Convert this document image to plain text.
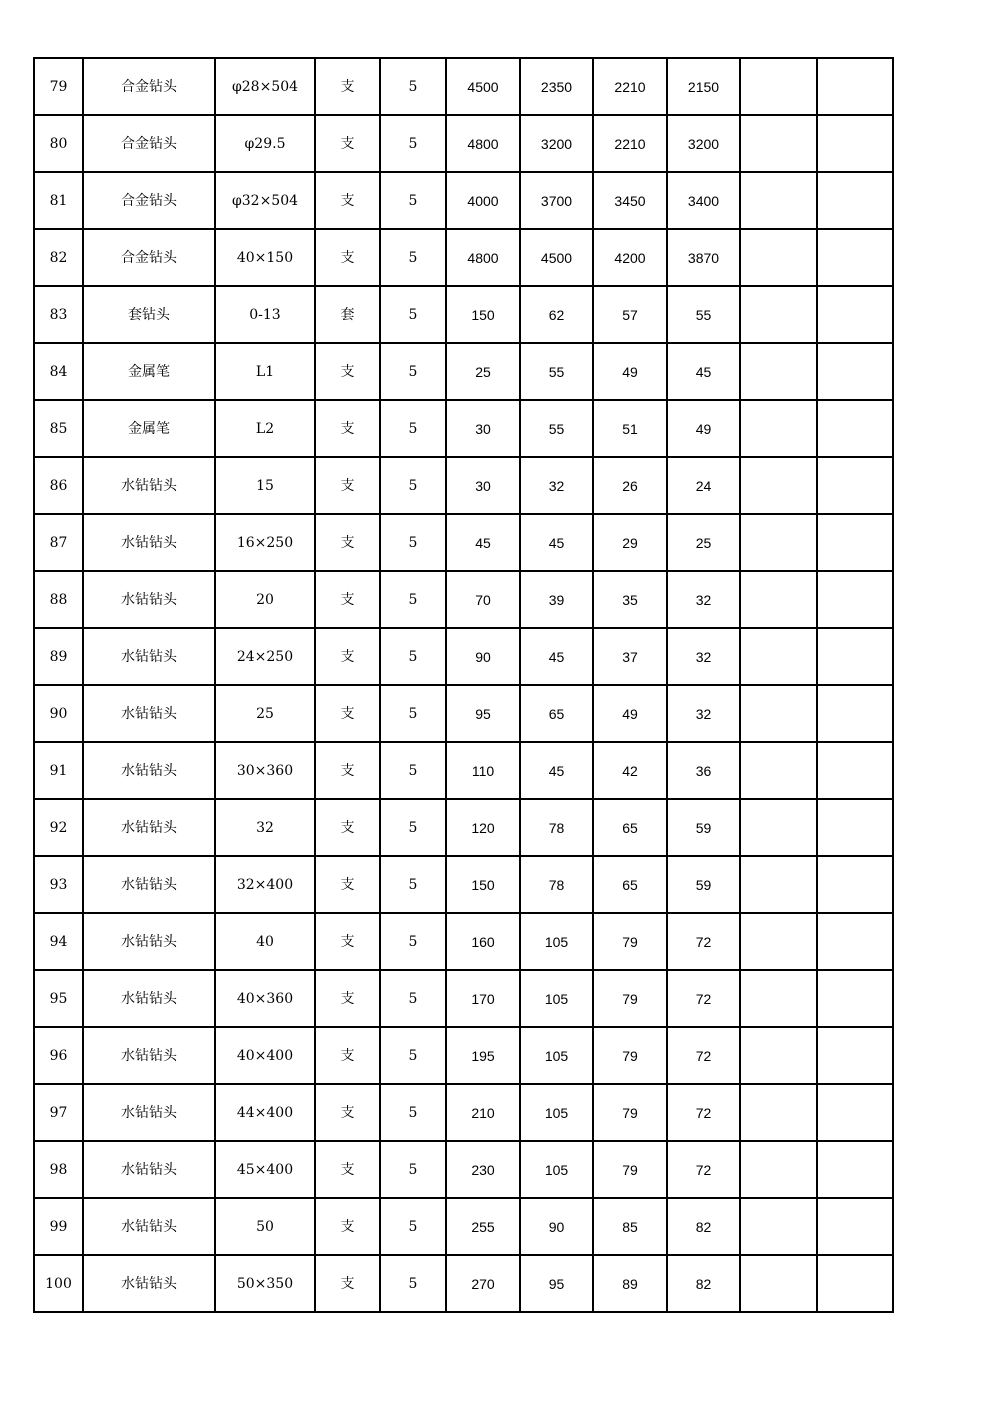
79	合金钻头	φ28×504	支	5	4500	2350	2210	2150		
80	合金钻头	φ29.5	支	5	4800	3200	2210	3200		
81	合金钻头	φ32×504	支	5	4000	3700	3450	3400		
82	合金钻头	40×150	支	5	4800	4500	4200	3870		
83	套钻头	0-13	套	5	150	62	57	55		
84	金属笔	L1	支	5	25	55	49	45		
85	金属笔	L2	支	5	30	55	51	49		
86	水钻钻头	15	支	5	30	32	26	24		
87	水钻钻头	16×250	支	5	45	45	29	25		
88	水钻钻头	20	支	5	70	39	35	32		
89	水钻钻头	24×250	支	5	90	45	37	32		
90	水钻钻头	25	支	5	95	65	49	32		
91	水钻钻头	30×360	支	5	110	45	42	36		
92	水钻钻头	32	支	5	120	78	65	59		
93	水钻钻头	32×400	支	5	150	78	65	59		
94	水钻钻头	40	支	5	160	105	79	72		
95	水钻钻头	40×360	支	5	170	105	79	72		
96	水钻钻头	40×400	支	5	195	105	79	72		
97	水钻钻头	44×400	支	5	210	105	79	72		
98	水钻钻头	45×400	支	5	230	105	79	72		
99	水钻钻头	50	支	5	255	90	85	82		
100	水钻钻头	50×350	支	5	270	95	89	82		
